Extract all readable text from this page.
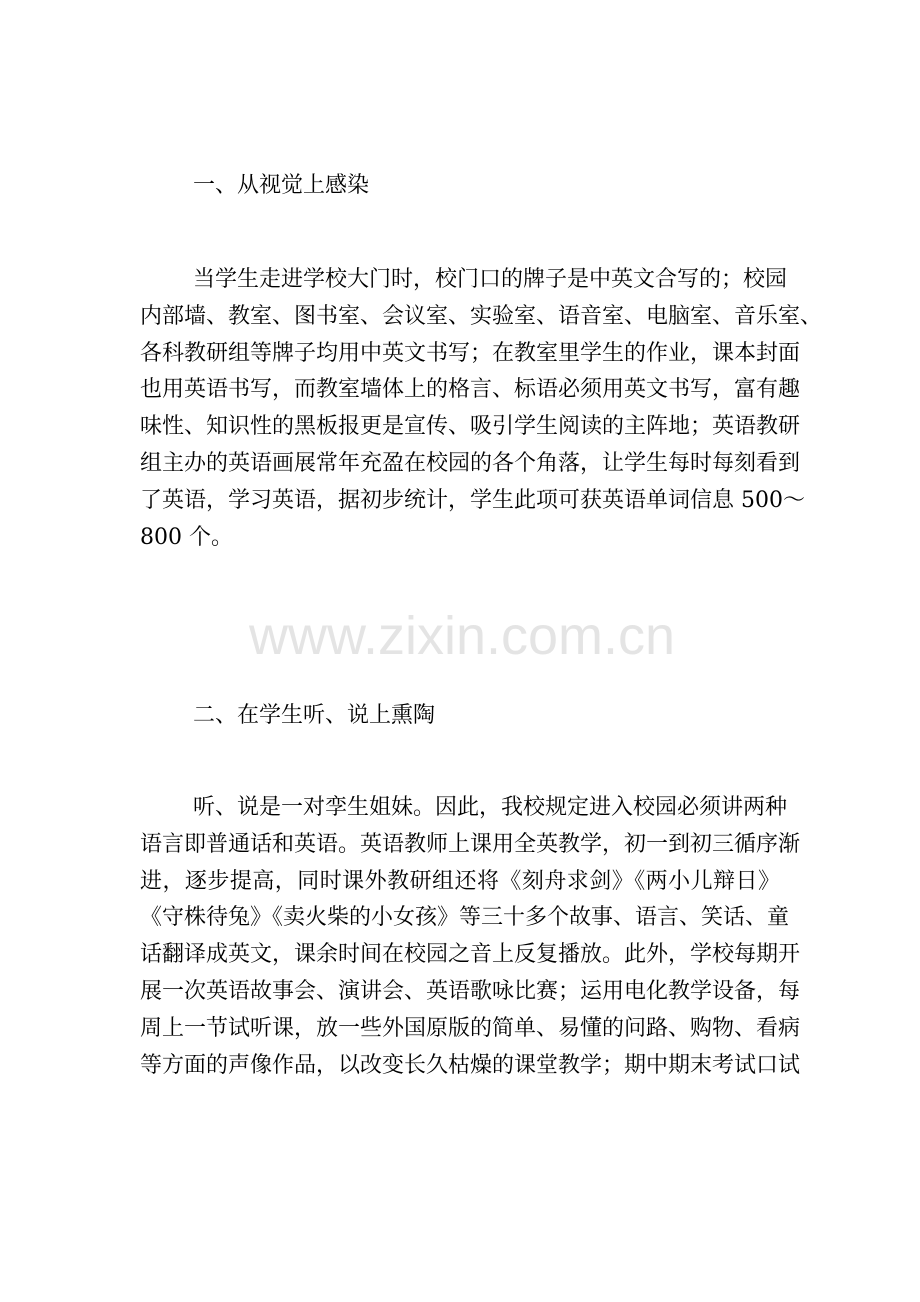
一、从视觉上感染
当学生走进学校大门时，校门口的牌子是中英文合写的；校园
内部墙、教室、图书室、会议室、实验室、语音室、电脑室、音乐室、
各科教研组等牌子均用中英文书写；在教室里学生的作业，课本封面
也用英语书写，而教室墙体上的格言、标语必须用英文书写，富有趣
味性、知识性的黑板报更是宣传、吸引学生阅读的主阵地；英语教研
组主办的英语画展常年充盈在校园的各个角落，让学生每时每刻看到
了英语，学习英语，据初步统计，学生此项可获英语单词信息 500～
800 个。
www.zixin.com.cn
二、在学生听、说上熏陶
听、说是一对孪生姐妹。因此，我校规定进入校园必须讲两种
语言即普通话和英语。英语教师上课用全英教学，初一到初三循序渐
进，逐步提高，同时课外教研组还将《刻舟求剑》《两小儿辩日》
《守株待兔》《卖火柴的小女孩》等三十多个故事、语言、笑话、童
话翻译成英文，课余时间在校园之音上反复播放。此外，学校每期开
展一次英语故事会、演讲会、英语歌咏比赛；运用电化教学设备，每
周上一节试听课，放一些外国原版的简单、易懂的问路、购物、看病
等方面的声像作品，以改变长久枯燥的课堂教学；期中期末考试口试
